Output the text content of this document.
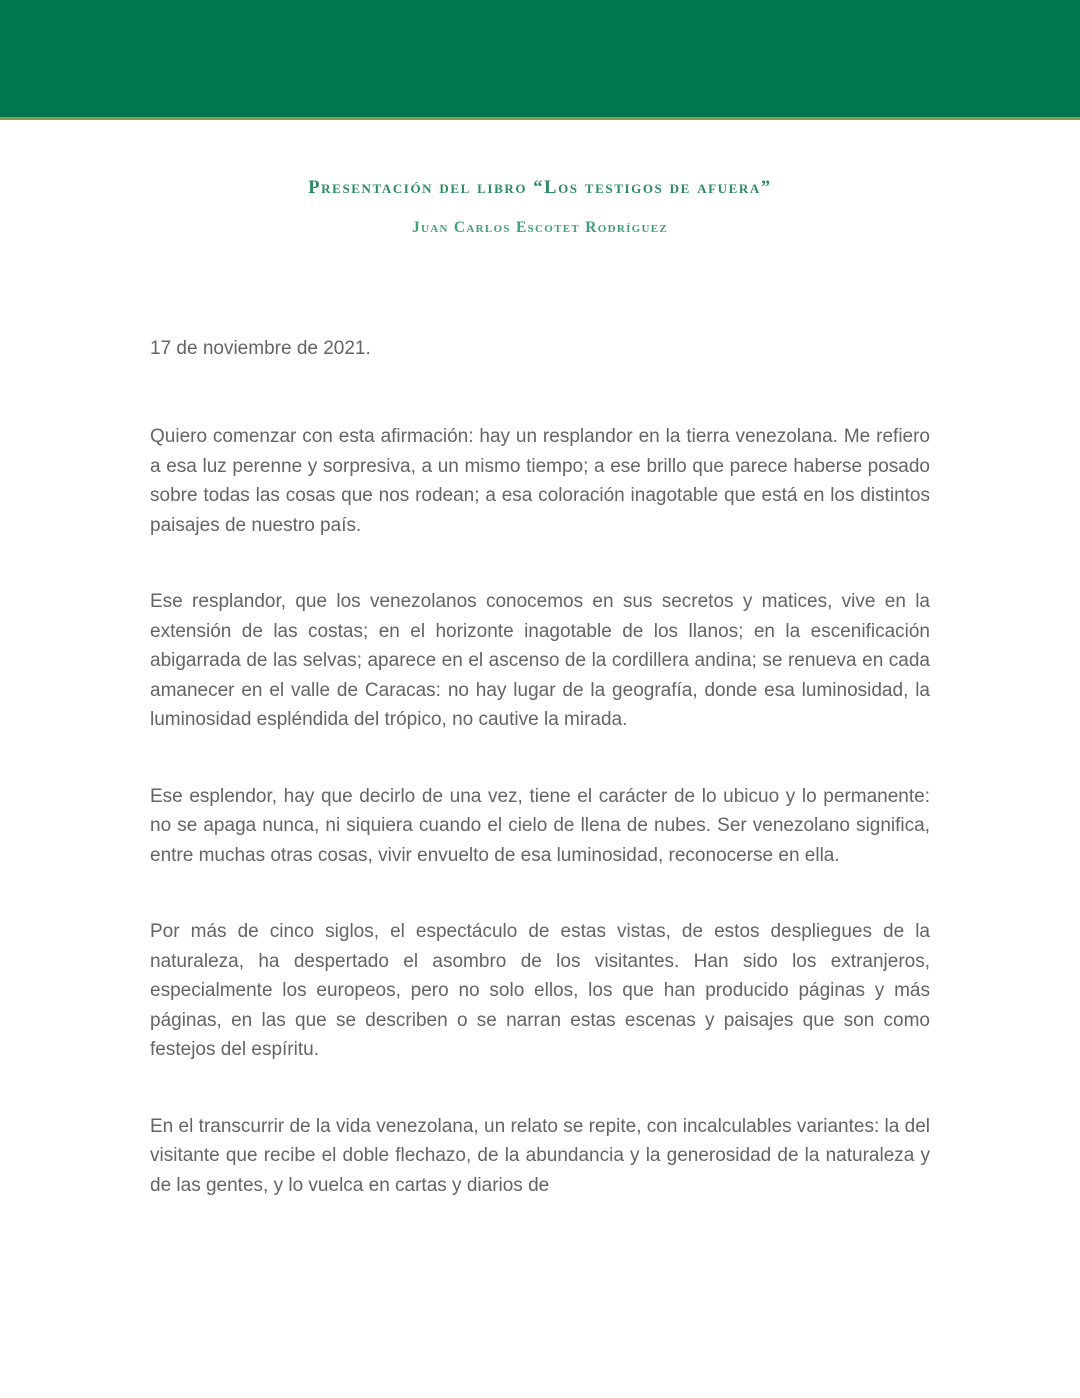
Presentación del libro “Los testigos de afuera”
Juan Carlos Escotet Rodríguez

17 de noviembre de 2021.

Quiero comenzar con esta afirmación: hay un resplandor en la tierra venezolana. Me refiero a esa luz perenne y sorpresiva, a un mismo tiempo; a ese brillo que parece haberse posado sobre todas las cosas que nos rodean; a esa coloración inagotable que está en los distintos paisajes de nuestro país.

Ese resplandor, que los venezolanos conocemos en sus secretos y matices, vive en la extensión de las costas; en el horizonte inagotable de los llanos; en la escenificación abigarrada de las selvas; aparece en el ascenso de la cordillera andina; se renueva en cada amanecer en el valle de Caracas: no hay lugar de la geografía, donde esa luminosidad, la luminosidad espléndida del trópico, no cautive la mirada.

Ese esplendor, hay que decirlo de una vez, tiene el carácter de lo ubicuo y lo permanente: no se apaga nunca, ni siquiera cuando el cielo de llena de nubes. Ser venezolano significa, entre muchas otras cosas, vivir envuelto de esa luminosidad, reconocerse en ella.

Por más de cinco siglos, el espectáculo de estas vistas, de estos despliegues de la naturaleza, ha despertado el asombro de los visitantes. Han sido los extranjeros, especialmente los europeos, pero no solo ellos, los que han producido páginas y más páginas, en las que se describen o se narran estas escenas y paisajes que son como festejos del espíritu.

En el transcurrir de la vida venezolana, un relato se repite, con incalculables variantes: la del visitante que recibe el doble flechazo, de la abundancia y la generosidad de la naturaleza y de las gentes, y lo vuelca en cartas y diarios de
